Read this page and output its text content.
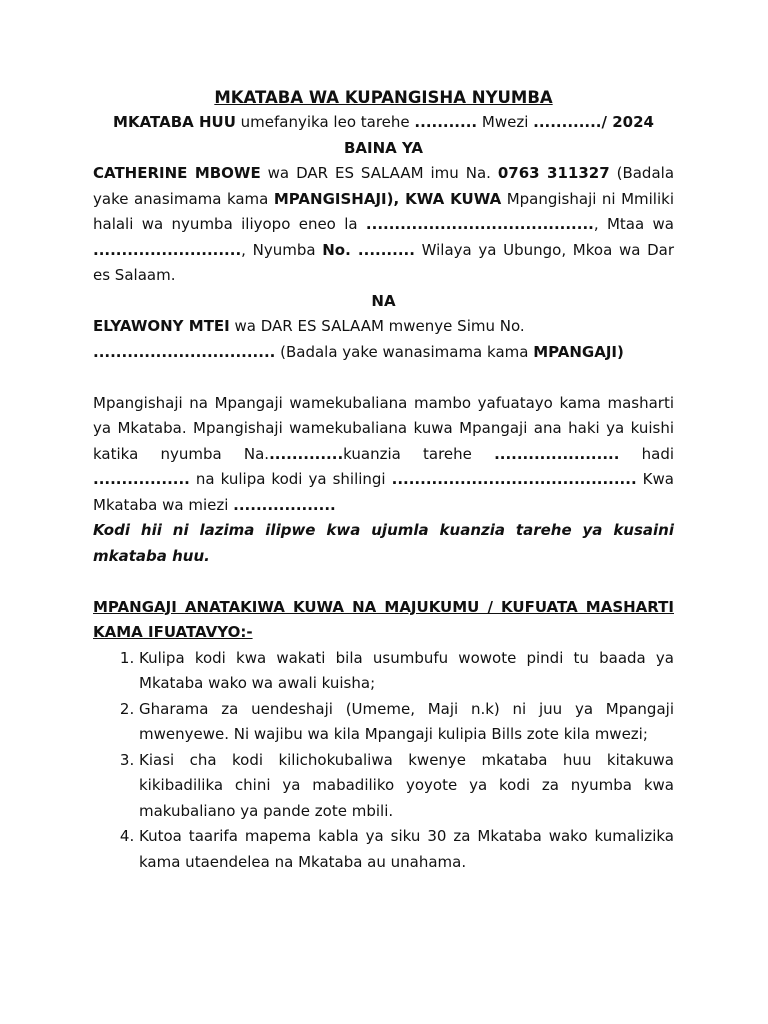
MKATABA WA KUPANGISHA NYUMBA

MKATABA HUU umefanyika leo tarehe ........... Mwezi ............/ 2024

BAINA YA

CATHERINE MBOWE wa DAR ES SALAAM imu Na. 0763 311327 (Badala yake anasimama kama MPANGISHAJI), KWA KUWA Mpangishaji ni Mmiliki halali wa nyumba iliyopo eneo la ........................................, Mtaa wa .........................., Nyumba No. .......... Wilaya ya Ubungo, Mkoa wa Dar es Salaam.

NA

ELYAWONY MTEI wa DAR ES SALAAM mwenye Simu No.
................................ (Badala yake wanasimama kama MPANGAJI)

Mpangishaji na Mpangaji wamekubaliana mambo yafuatayo kama masharti ya Mkataba. Mpangishaji wamekubaliana kuwa Mpangaji ana haki ya kuishi katika nyumba Na..............kuanzia tarehe ...................... hadi ................. na kulipa kodi ya shilingi ........................................... Kwa Mkataba wa miezi ..................

Kodi hii ni lazima ilipwe kwa ujumla kuanzia tarehe ya kusaini mkataba huu.

MPANGAJI ANATAKIWA KUWA NA MAJUKUMU / KUFUATA MASHARTI KAMA IFUATAVYO:-

1. Kulipa kodi kwa wakati bila usumbufu wowote pindi tu baada ya Mkataba wako wa awali kuisha;
2. Gharama za uendeshaji (Umeme, Maji n.k) ni juu ya Mpangaji mwenyewe. Ni wajibu wa kila Mpangaji kulipia Bills zote kila mwezi;
3. Kiasi cha kodi kilichokubaliwa kwenye mkataba huu kitakuwa kikibadilika chini ya mabadiliko yoyote ya kodi za nyumba kwa makubaliano ya pande zote mbili.
4. Kutoa taarifa mapema kabla ya siku 30 za Mkataba wako kumalizika kama utaendelea na Mkataba au unahama.
